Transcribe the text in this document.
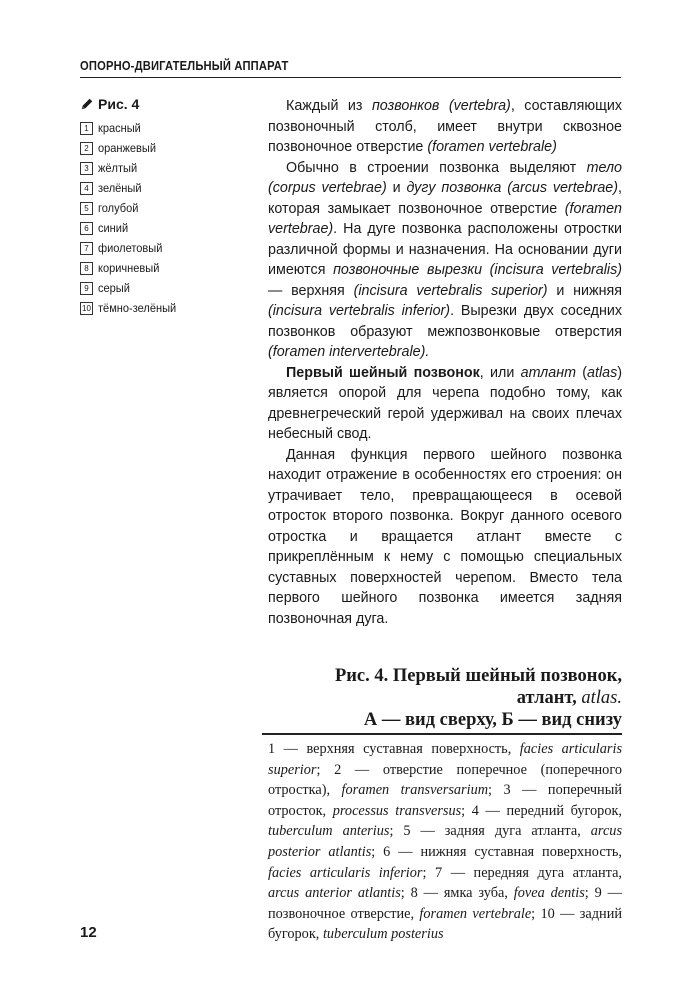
ОПОРНО-ДВИГАТЕЛЬНЫЙ АППАРАТ
Рис. 4
1 красный
2 оранжевый
3 жёлтый
4 зелёный
5 голубой
6 синий
7 фиолетовый
8 коричневый
9 серый
10 тёмно-зелёный

Каждый из позвонков (vertebra), составляющих позвоночный столб, имеет внутри сквозное позвоночное отверстие (foramen vertebrale)

Обычно в строении позвонка выделяют тело (corpus vertebrae) и дугу позвонка (arcus vertebrae), которая замыкает позвоночное отверстие (foramen vertebrae). На дуге позвонка расположены отростки различной формы и назначения. На основании дуги имеются позвоночные вырезки (incisura vertebralis) — верхняя (incisura vertebralis superior) и нижняя (incisura vertebralis inferior). Вырезки двух соседних позвонков образуют межпозвонковые отверстия (foramen intervertebrale).

Первый шейный позвонок, или атлант (atlas) является опорой для черепа подобно тому, как древнегреческий герой удерживал на своих плечах небесный свод.

Данная функция первого шейного позвонка находит отражение в особенностях его строения: он утрачивает тело, превращающееся в осевой отросток второго позвонка. Вокруг данного осевого отростка и вращается атлант вместе с прикреплённым к нему с помощью специальных суставных поверхностей черепом. Вместо тела первого шейного позвонка имеется задняя позвоночная дуга.

Рис. 4. Первый шейный позвонок,
атлант, atlas.
А — вид сверху, Б — вид снизу
1 — верхняя суставная поверхность, facies articularis superior; 2 — отверстие поперечное (поперечного отростка), foramen transversarium; 3 — поперечный отросток, processus transversus; 4 — передний бугорок, tuberculum anterius; 5 — задняя дуга атланта, arcus posterior atlantis; 6 — нижняя суставная поверхность, facies articularis inferior; 7 — передняя дуга атланта, arcus anterior atlantis; 8 — ямка зуба, fovea dentis; 9 — позвоночное отверстие, foramen vertebrale; 10 — задний бугорок, tuberculum posterius
12
